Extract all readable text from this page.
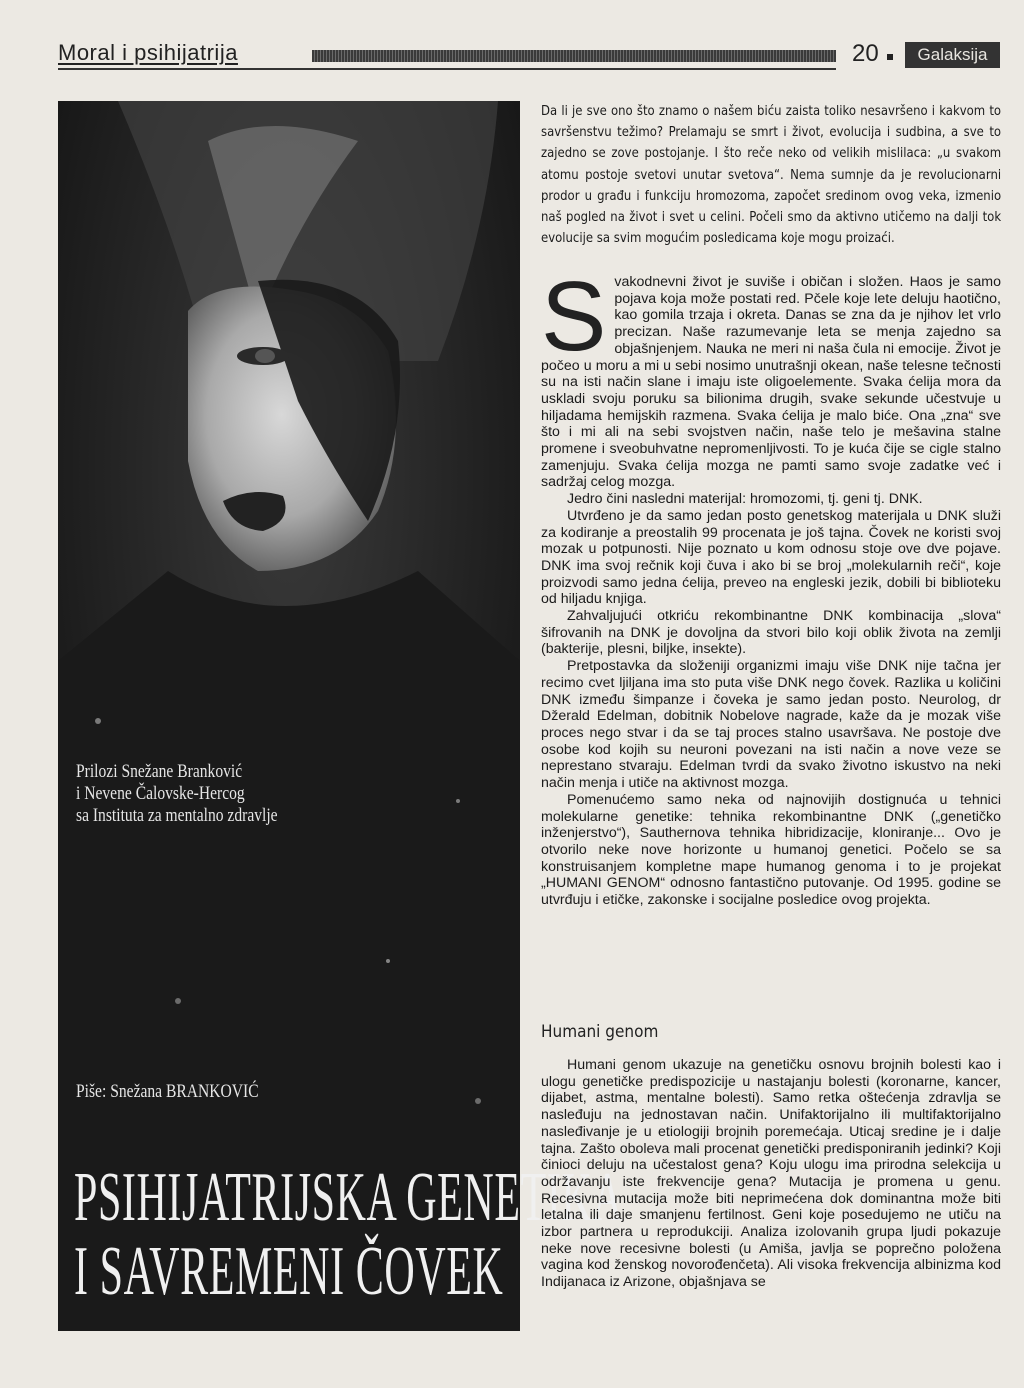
Moral i psihijatrija	20	Galaksija
Prilozi Snežane Branković
i Nevene Čalovske-Hercog
sa Instituta za mentalno zdravlje
Piše: Snežana BRANKOVIĆ
PSIHIJATRIJSKA GENETIKA
I SAVREMENI ČOVEK
Da li je sve ono što znamo o našem biću zaista toliko nesavršeno i kakvom to savršenstvu težimo? Prelamaju se smrt i život, evolucija i sudbina, a sve to zajedno se zove postojanje. I što reče neko od velikih mislilaca: „u svakom atomu postoje svetovi unutar svetova“. Nema sumnje da je revolucionarni prodor u građu i funkciju hromozoma, započet sredinom ovog veka, izmenio naš pogled na život i svet u celini. Počeli smo da aktivno utičemo na dalji tok evolucije sa svim mogućim posledicama koje mogu proizaći.
S vakodnevni život je suviše i običan i složen. Haos je samo pojava koja može postati red. Pčele koje lete deluju haotično, kao gomila trzaja i okreta. Danas se zna da je njihov let vrlo precizan. Naše razumevanje leta se menja zajedno sa objašnjenjem. Nauka ne meri ni naša čula ni emocije. Život je počeo u moru a mi u sebi nosimo unutrašnji okean, naše telesne tečnosti su na isti način slane i imaju iste oligoelemente. Svaka ćelija mora da uskladi svoju poruku sa bilionima drugih, svake sekunde učestvuje u hiljadama hemijskih razmena. Svaka ćelija je malo biće. Ona „zna“ sve što i mi ali na sebi svojstven način, naše telo je mešavina stalne promene i sveobuhvatne nepromenljivosti. To je kuća čije se cigle stalno zamenjuju. Svaka ćelija mozga ne pamti samo svoje zadatke već i sadržaj celog mozga.

Jedro čini nasledni materijal: hromozomi, tj. geni tj. DNK.

Utvrđeno je da samo jedan posto genetskog materijala u DNK služi za kodiranje a preostalih 99 procenata je još tajna. Čovek ne koristi svoj mozak u potpunosti. Nije poznato u kom odnosu stoje ove dve pojave. DNK ima svoj rečnik koji čuva i ako bi se broj „molekularnih reči“, koje proizvodi samo jedna ćelija, preveo na engleski jezik, dobili bi biblioteku od hiljadu knjiga.

Zahvaljujući otkriću rekombinantne DNK kombinacija „slova“ šifrovanih na DNK je dovoljna da stvori bilo koji oblik života na zemlji (bakterije, plesni, biljke, insekte).

Pretpostavka da složeniji organizmi imaju više DNK nije tačna jer recimo cvet ljiljana ima sto puta više DNK nego čovek. Razlika u količini DNK između šimpanze i čoveka je samo jedan posto. Neurolog, dr Džerald Edelman, dobitnik Nobelove nagrade, kaže da je mozak više proces nego stvar i da se taj proces stalno usavršava. Ne postoje dve osobe kod kojih su neuroni povezani na isti način a nove veze se neprestano stvaraju. Edelman tvrdi da svako životno iskustvo na neki način menja i utiče na aktivnost mozga.

Pomenućemo samo neka od najnovijih dostignuća u tehnici molekularne genetike: tehnika rekombinantne DNK („genetičko inženjerstvo“), Sauthernova tehnika hibridizacije, kloniranje... Ovo je otvorilo neke nove horizonte u humanoj genetici. Počelo se sa konstruisanjem kompletne mape humanog genoma i to je projekat „HUMANI GENOM“ odnosno fantastično putovanje. Od 1995. godine se utvrđuju i etičke, zakonske i socijalne posledice ovog projekta.

Humani genom

Humani genom ukazuje na genetičku osnovu brojnih bolesti kao i ulogu genetičke predispozicije u nastajanju bolesti (koronarne, kancer, dijabet, astma, mentalne bolesti). Samo retka oštećenja zdravlja se nasleđuju na jednostavan način. Unifaktorijalno ili multifaktorijalno nasleđivanje je u etiologiji brojnih poremećaja. Uticaj sredine je i dalje tajna. Zašto oboleva mali procenat genetički predisponiranih jedinki? Koji činioci deluju na učestalost gena? Koju ulogu ima prirodna selekcija u održavanju iste frekvencije gena? Mutacija je promena u genu. Recesivna mutacija može biti neprimećena dok dominantna može biti letalna ili daje smanjenu fertilnost. Geni koje posedujemo ne utiču na izbor partnera u reprodukciji. Analiza izolovanih grupa ljudi pokazuje neke nove recesivne bolesti (u Amiša, javlja se poprečno položena vagina kod ženskog novorođenčeta). Ali visoka frekvencija albinizma kod Indijanaca iz Arizone, objašnjava se
